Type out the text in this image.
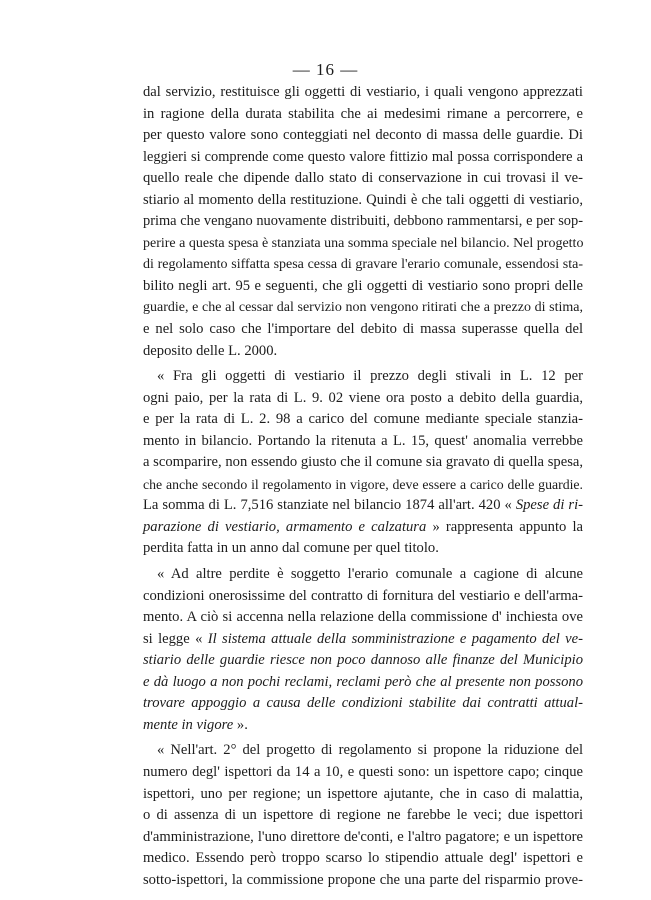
— 16 —
dal servizio, restituisce gli oggetti di vestiario, i quali vengono apprezzati
in ragione della durata stabilita che ai medesimi rimane a percorrere, e
per questo valore sono conteggiati nel deconto di massa delle guardie. Di
leggieri si comprende come questo valore fittizio mal possa corrispondere a
quello reale che dipende dallo stato di conservazione in cui trovasi il ve-
stiario al momento della restituzione. Quindi è che tali oggetti di vestiario,
prima che vengano nuovamente distribuiti, debbono rammentarsi, e per sop-
perire a questa spesa è stanziata una somma speciale nel bilancio. Nel progetto
di regolamento siffatta spesa cessa di gravare l'erario comunale, essendosi sta-
bilito negli art. 95 e seguenti, che gli oggetti di vestiario sono propri delle
guardie, e che al cessar dal servizio non vengono ritirati che a prezzo di stima,
e nel solo caso che l'importare del debito di massa superasse quella del
deposito delle L. 2000.
« Fra gli oggetti di vestiario il prezzo degli stivali in L. 12 per
ogni paio, per la rata di L. 9. 02 viene ora posto a debito della guardia,
e per la rata di L. 2. 98 a carico del comune mediante speciale stanzia-
mento in bilancio. Portando la ritenuta a L. 15, quest' anomalia verrebbe
a scomparire, non essendo giusto che il comune sia gravato di quella spesa,
che anche secondo il regolamento in vigore, deve essere a carico delle guardie.
La somma di L. 7,516 stanziate nel bilancio 1874 all'art. 420 « Spese di ri-
parazione di vestiario, armamento e calzatura » rappresenta appunto la
perdita fatta in un anno dal comune per quel titolo.
« Ad altre perdite è soggetto l'erario comunale a cagione di alcune
condizioni onerosissime del contratto di fornitura del vestiario e dell'arma-
mento. A ciò si accenna nella relazione della commissione d' inchiesta ove
si legge « Il sistema attuale della somministrazione e pagamento del ve-
stiario delle guardie riesce non poco dannoso alle finanze del Municipio
e dà luogo a non pochi reclami, reclami però che al presente non possono
trovare appoggio a causa delle condizioni stabilite dai contratti attual-
mente in vigore ».
« Nell'art. 2° del progetto di regolamento si propone la riduzione del
numero degl' ispettori da 14 a 10, e questi sono: un ispettore capo; cinque
ispettori, uno per regione; un ispettore ajutante, che in caso di malattia,
o di assenza di un ispettore di regione ne farebbe le veci; due ispettori
d'amministrazione, l'uno direttore de'conti, e l'altro pagatore; e un ispettore
medico. Essendo però troppo scarso lo stipendio attuale degl' ispettori e
sotto-ispettori, la commissione propone che una parte del risparmio prove-
